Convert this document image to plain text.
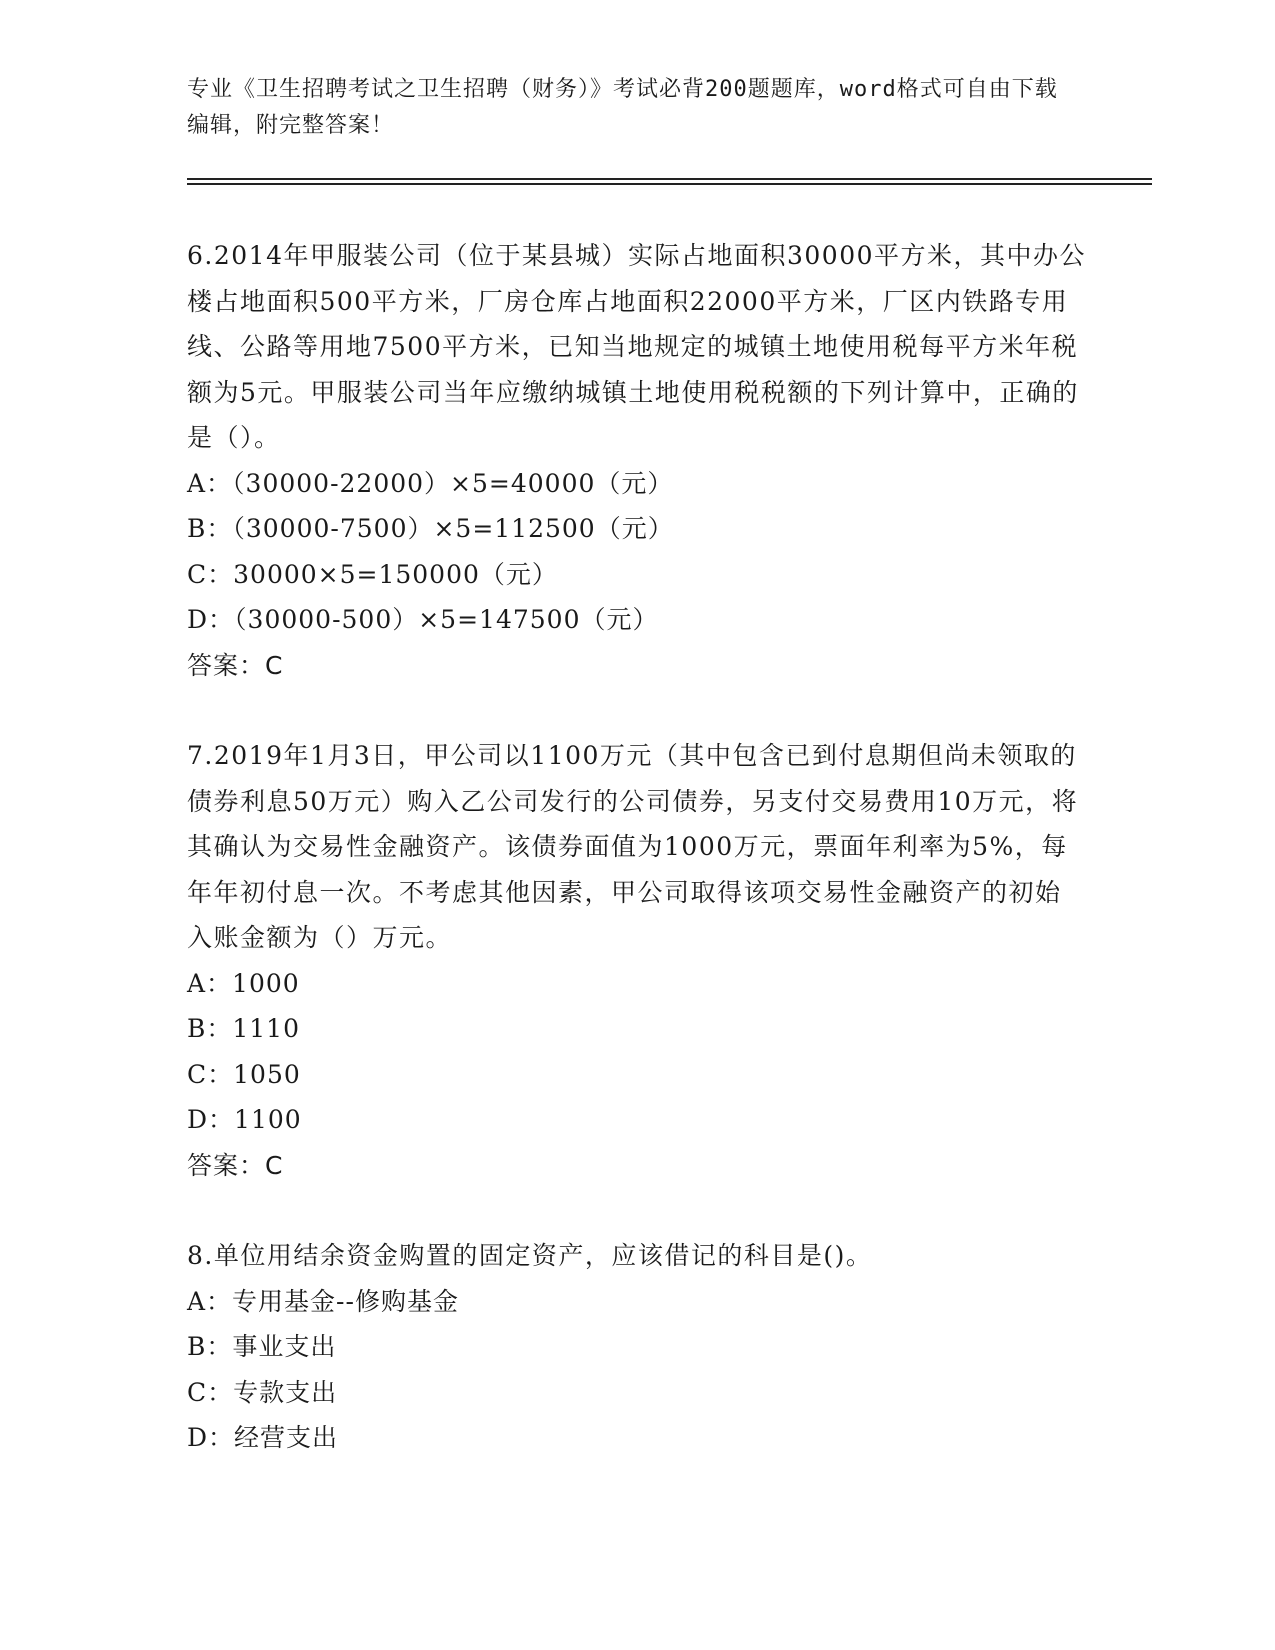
专业《卫生招聘考试之卫生招聘（财务）》考试必背200题题库，word格式可自由下载编辑，附完整答案！

6.2014年甲服装公司（位于某县城）实际占地面积30000平方米，其中办公楼占地面积500平方米，厂房仓库占地面积22000平方米，厂区内铁路专用线、公路等用地7500平方米，已知当地规定的城镇土地使用税每平方米年税额为5元。甲服装公司当年应缴纳城镇土地使用税税额的下列计算中，正确的是（）。

A：（30000-22000）×5=40000（元）

B：（30000-7500）×5=112500（元）

C：30000×5=150000（元）

D：（30000-500）×5=147500（元）

答案：C

7.2019年1月3日，甲公司以1100万元（其中包含已到付息期但尚未领取的债券利息50万元）购入乙公司发行的公司债券，另支付交易费用10万元，将其确认为交易性金融资产。该债券面值为1000万元，票面年利率为5%，每年年初付息一次。不考虑其他因素，甲公司取得该项交易性金融资产的初始入账金额为（）万元。

A：1000

B：1110

C：1050

D：1100

答案：C

8.单位用结余资金购置的固定资产，应该借记的科目是()。

A：专用基金--修购基金

B：事业支出

C：专款支出

D：经营支出
